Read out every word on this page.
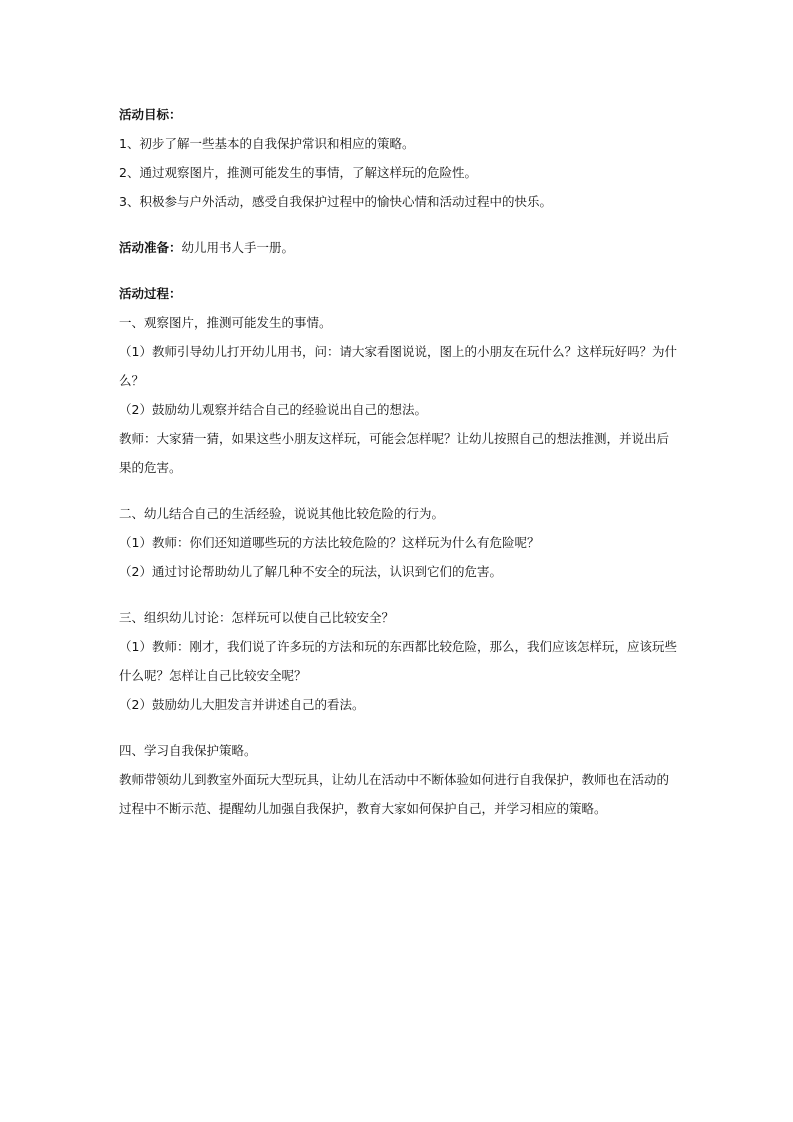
活动目标：

1、初步了解一些基本的自我保护常识和相应的策略。

2、通过观察图片，推测可能发生的事情，了解这样玩的危险性。

3、积极参与户外活动，感受自我保护过程中的愉快心情和活动过程中的快乐。

活动准备：幼儿用书人手一册。

活动过程：

一、观察图片，推测可能发生的事情。

（1）教师引导幼儿打开幼儿用书，问：请大家看图说说，图上的小朋友在玩什么？这样玩好吗？为什么？

（2）鼓励幼儿观察并结合自己的经验说出自己的想法。

教师：大家猜一猜，如果这些小朋友这样玩，可能会怎样呢？让幼儿按照自己的想法推测，并说出后果的危害。

二、幼儿结合自己的生活经验，说说其他比较危险的行为。

（1）教师：你们还知道哪些玩的方法比较危险的？这样玩为什么有危险呢？

（2）通过讨论帮助幼儿了解几种不安全的玩法，认识到它们的危害。

三、组织幼儿讨论：怎样玩可以使自己比较安全？

（1）教师：刚才，我们说了许多玩的方法和玩的东西都比较危险，那么，我们应该怎样玩，应该玩些什么呢？怎样让自己比较安全呢？

（2）鼓励幼儿大胆发言并讲述自己的看法。

四、学习自我保护策略。

教师带领幼儿到教室外面玩大型玩具，让幼儿在活动中不断体验如何进行自我保护，教师也在活动的过程中不断示范、提醒幼儿加强自我保护，教育大家如何保护自己，并学习相应的策略。
